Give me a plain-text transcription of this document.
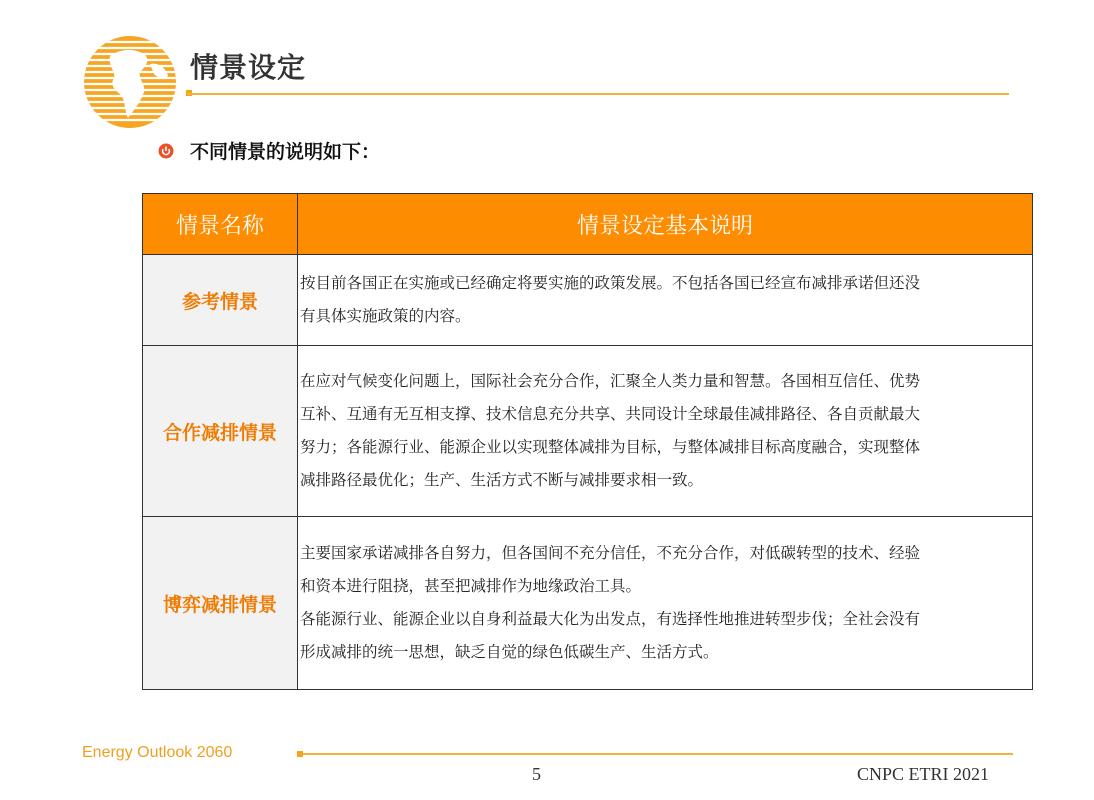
情景设定
不同情景的说明如下：
情景名称	情景设定基本说明
参考情景	按目前各国正在实施或已经确定将要实施的政策发展。不包括各国已经宣布减排承诺但还没
有具体实施政策的内容。

合作减排情景	在应对气候变化问题上，国际社会充分合作，汇聚全人类力量和智慧。各国相互信任、优势
互补、互通有无互相支撑、技术信息充分共享、共同设计全球最佳减排路径、各自贡献最大
努力；各能源行业、能源企业以实现整体减排为目标，与整体减排目标高度融合，实现整体
减排路径最优化；生产、生活方式不断与减排要求相一致。

博弈减排情景	主要国家承诺减排各自努力，但各国间不充分信任，不充分合作，对低碳转型的技术、经验
和资本进行阻挠，甚至把减排作为地缘政治工具。
各能源行业、能源企业以自身利益最大化为出发点，有选择性地推进转型步伐；全社会没有
形成减排的统一思想，缺乏自觉的绿色低碳生产、生活方式。
Energy Outlook 2060
5	CNPC ETRI 2021
